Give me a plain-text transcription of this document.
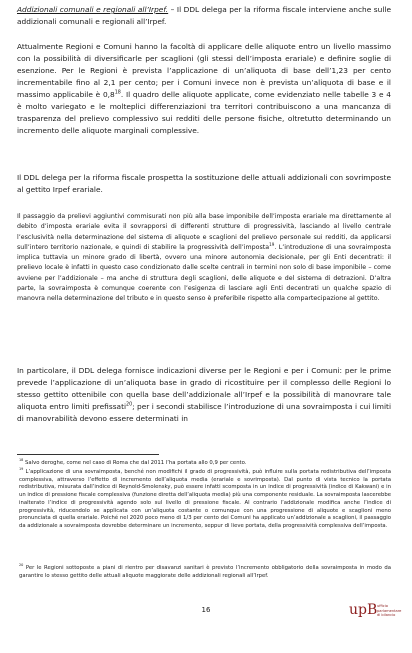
Addizionali comunali e regionali all’Irpef. – Il DDL delega per la riforma fiscale interviene anche sulle addizionali comunali e regionali all’Irpef.

Attualmente Regioni e Comuni hanno la facoltà di applicare delle aliquote entro un livello massimo con la possibilità di diversificarle per scaglioni (gli stessi dell’imposta erariale) e definire soglie di esenzione. Per le Regioni è prevista l’applicazione di un’aliquota di base dell’1,23 per cento incrementabile fino al 2,1 per cento; per i Comuni invece non è prevista un’aliquota di base e il massimo applicabile è $0,8^{18}$. Il quadro delle aliquote applicate, come evidenziato nelle tabelle 3 e 4 è molto variegato e le molteplici differenziazioni tra territori contribuiscono a una mancanza di trasparenza del prelievo complessivo sui redditi delle persone fisiche, oltretutto determinando un incremento delle aliquote marginali complessive.

Il DDL delega per la riforma fiscale prospetta la sostituzione delle attuali addizionali con sovrimposte al gettito Irpef erariale.

Il passaggio da prelievi aggiuntivi commisurati non più alla base imponibile dell’imposta erariale ma direttamente al debito d’imposta erariale evita il sovrapporsi di differenti strutture di progressività, lasciando al livello centrale l’esclusività nella determinazione del sistema di aliquote e scaglioni del prelievo personale sui redditi, da applicarsi sull’intero territorio nazionale, e quindi di stabilire la progressività dell’imposta$^{19}$. L’introduzione di una sovraimposta implica tuttavia un minore grado di libertà, ovvero una minore autonomia decisionale, per gli Enti decentrati: il prelievo locale è infatti in questo caso condizionato dalle scelte centrali in termini non solo di base imponibile – come avviene per l’addizionale – ma anche di struttura degli scaglioni, delle aliquote e del sistema di detrazioni. D’altra parte, la sovraimposta è comunque coerente con l’esigenza di lasciare agli Enti decentrati un qualche spazio di manovra nella determinazione del tributo e in questo senso è preferibile rispetto alla compartecipazione al gettito.

In particolare, il DDL delega fornisce indicazioni diverse per le Regioni e per i Comuni: per le prime prevede l’applicazione di un’aliquota base in grado di ricostituire per il complesso delle Regioni lo stesso gettito ottenibile con quella base dell’addizionale all’Irpef e la possibilità di manovrare tale aliquota entro limiti prefissati$^{20}$; per i secondi stabilisce l’introduzione di una sovraimposta i cui limiti di manovrabilità devono essere determinati in

$^{18}$ Salvo deroghe, come nel caso di Roma che dal 2011 l’ha portata allo 0,9 per cento.

$^{19}$ L’applicazione di una sovraimposta, benché non modifichi il grado di progressività, può influire sulla portata redistributiva dell’imposta complessiva, attraverso l’effetto di incremento dell’aliquota media (erariale e sovrimposta). Dal punto di vista tecnico la portata redistributiva, misurata dall’indice di Reynold-Smolensky, può essere infatti scomposta in un indice di progressività (indice di Kakwani) e in un indice di pressione fiscale complessiva (funzione diretta dell’aliquota media) più una componente residuale. La sovraimposta lascerebbe inalterato l’indice di progressività agendo solo sul livello di pressione fiscale. Al contrario l’addizionale modifica anche l’indice di progressività, riducendolo se applicata con un’aliquota costante o comunque con una progressione di aliquote e scaglioni meno pronunciata di quella erariale. Poiché nel 2020 poco meno di 1/3 per cento dei Comuni ha applicato un’addizionale a scaglioni, il passaggio da addizionale a sovraimposta dovrebbe determinare un incremento, seppur di lieve portata, della progressività complessiva dell’imposta.

$^{20}$ Per le Regioni sottoposte a piani di rientro per disavanzi sanitari è previsto l’incremento obbligatorio della sovraimposta in modo da garantire lo stesso gettito delle attuali aliquote maggiorate delle addizionali regionali all’Irpef.

16	upB ufficio
parlamentare
di bilancio
